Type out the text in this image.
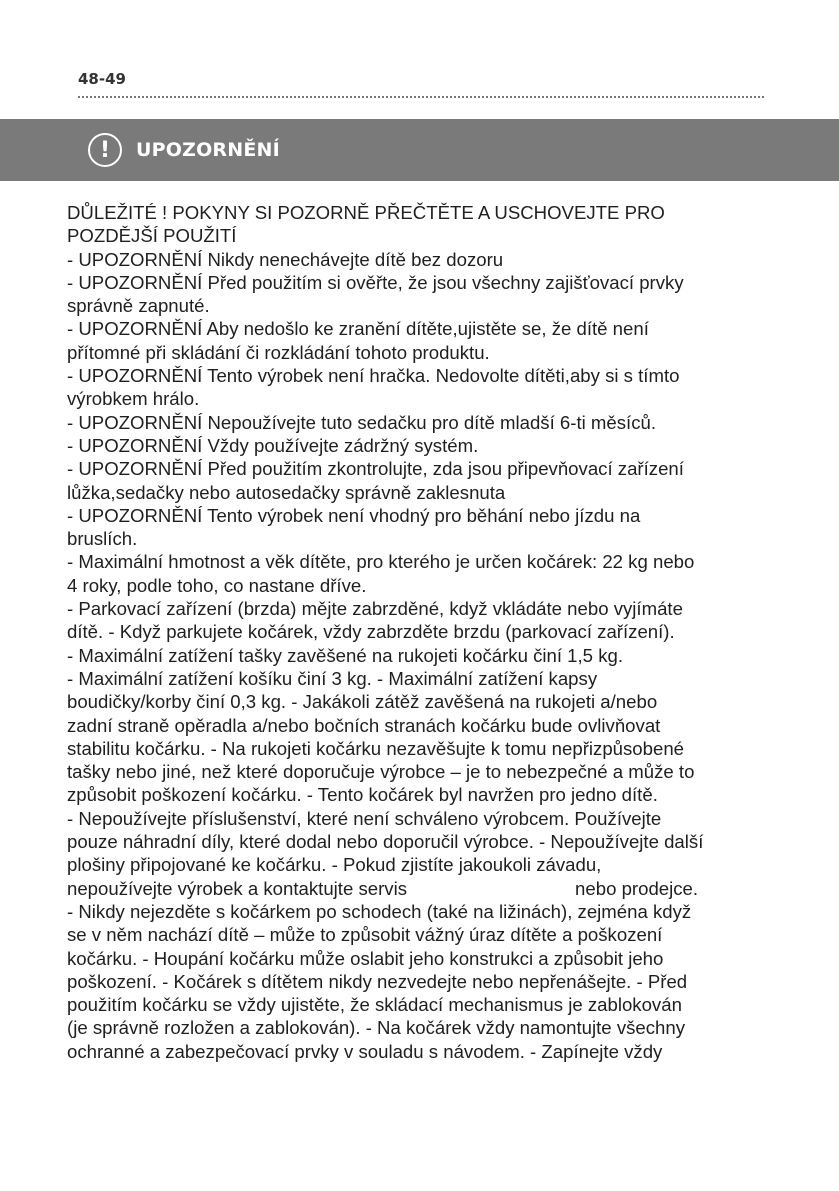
48-49
!	UPOZORNĚNÍ
DŮLEŽITÉ ! POKYNY SI POZORNĚ PŘEČTĚTE A USCHOVEJTE PRO
POZDĚJŠÍ POUŽITÍ
- UPOZORNĚNÍ Nikdy nenechávejte dítě bez dozoru
- UPOZORNĚNÍ Před použitím si ověřte, že jsou všechny zajišťovací prvky
správně zapnuté.
- UPOZORNĚNÍ Aby nedošlo ke zranění dítěte,ujistěte se, že dítě není
přítomné při skládání či rozkládání tohoto produktu.
- UPOZORNĚNÍ Tento výrobek není hračka. Nedovolte dítěti,aby si s tímto
výrobkem hrálo.
- UPOZORNĚNÍ Nepoužívejte tuto sedačku pro dítě mladší 6-ti měsíců.
- UPOZORNĚNÍ Vždy používejte zádržný systém.
- UPOZORNĚNÍ Před použitím zkontrolujte, zda jsou připevňovací zařízení
lůžka,sedačky nebo autosedačky správně zaklesnuta
- UPOZORNĚNÍ Tento výrobek není vhodný pro běhání nebo jízdu na
bruslích.
- Maximální hmotnost a věk dítěte, pro kterého je určen kočárek: 22 kg nebo
4 roky, podle toho, co nastane dříve.
- Parkovací zařízení (brzda) mějte zabrzděné, když vkládáte nebo vyjímáte
dítě. - Když parkujete kočárek, vždy zabrzděte brzdu (parkovací zařízení).
- Maximální zatížení tašky zavěšené na rukojeti kočárku činí 1,5 kg.
- Maximální zatížení košíku činí 3 kg. - Maximální zatížení kapsy
boudičky/korby činí 0,3 kg. - Jakákoli zátěž zavěšená na rukojeti a/nebo
zadní straně opěradla a/nebo bočních stranách kočárku bude ovlivňovat
stabilitu kočárku. - Na rukojeti kočárku nezavěšujte k tomu nepřizpůsobené
tašky nebo jiné, než které doporučuje výrobce – je to nebezpečné a může to
způsobit poškození kočárku. - Tento kočárek byl navržen pro jedno dítě.
- Nepoužívejte příslušenství, které není schváleno výrobcem. Používejte
pouze náhradní díly, které dodal nebo doporučil výrobce. - Nepoužívejte další
plošiny připojované ke kočárku. - Pokud zjistíte jakoukoli závadu,
nepoužívejte výrobek a kontaktujte servis	nebo prodejce.
- Nikdy nejezděte s kočárkem po schodech (také na ližinách), zejména když
se v něm nachází dítě – může to způsobit vážný úraz dítěte a poškození
kočárku. - Houpání kočárku může oslabit jeho konstrukci a způsobit jeho
poškození. - Kočárek s dítětem nikdy nezvedejte nebo nepřenášejte. - Před
použitím kočárku se vždy ujistěte, že skládací mechanismus je zablokován
(je správně rozložen a zablokován). - Na kočárek vždy namontujte všechny
ochranné a zabezpečovací prvky v souladu s návodem. - Zapínejte vždy
